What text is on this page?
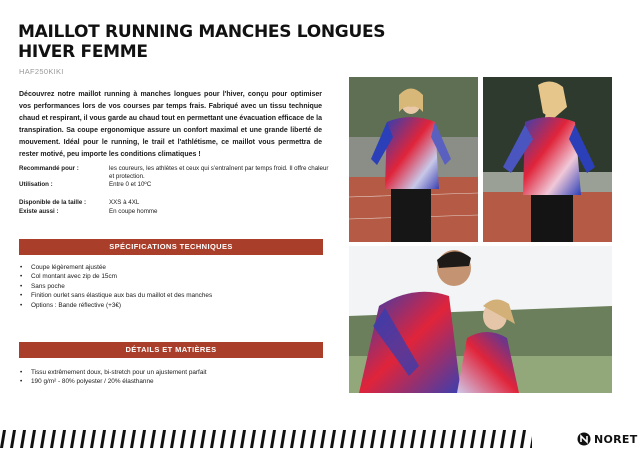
MAILLOT RUNNING MANCHES LONGUES HIVER FEMME
HAF250KIKI

Découvrez notre maillot running à manches longues pour l'hiver, conçu pour optimiser vos performances lors de vos courses par temps frais. Fabriqué avec un tissu technique chaud et respirant, il vous garde au chaud tout en permettant une évacuation efficace de la transpiration. Sa coupe ergonomique assure un confort maximal et une grande liberté de mouvement. Idéal pour le running, le trail et l'athlétisme, ce maillot vous permettra de rester motivé, peu importe les conditions climatiques !

Recommandé pour :	les coureurs, les athlètes et ceux qui s'entraînent par temps froid. Il offre chaleur et protection.
Utilisation :	Entre 0 et 10ºC
Disponible de la taille :	XXS à 4XL
Existe aussi :	En coupe homme
SPÉCIFICATIONS TECHNIQUES
• Coupe légèrement ajustée
• Col montant avec zip de 15cm
• Sans poche
• Finition ourlet sans élastique aux bas du maillot et des manches
• Options : Bande réflective (+3€)
DÉTAILS ET MATIÈRES
• Tissu extrêmement doux, bi-stretch pour un ajustement parfait
• 190 g/m² - 80% polyester / 20% élasthanne
NORET
